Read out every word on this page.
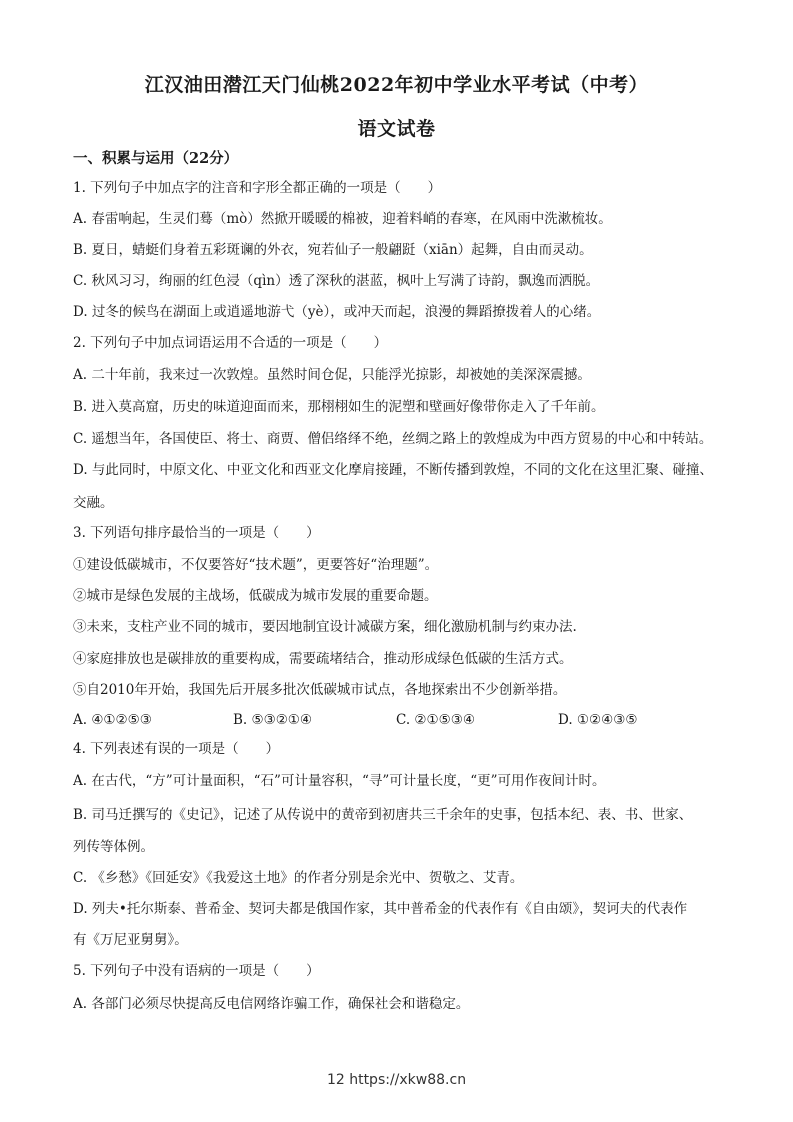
江汉油田潜江天门仙桃2022年初中学业水平考试（中考）
语文试卷
一、积累与运用（22分）
1. 下列句子中加点字的注音和字形全都正确的一项是（　　）
A. 春雷响起，生灵们蓦（mò）然掀开暖暖的棉被，迎着料峭的春寒，在风雨中洗漱梳妆。
B. 夏日，蜻蜓们身着五彩斑谰的外衣，宛若仙子一般翩跹（xiān）起舞，自由而灵动。
C. 秋风习习，绚丽的红色浸（qìn）透了深秋的湛蓝，枫叶上写满了诗韵，飘逸而洒脱。
D. 过冬的候鸟在湖面上或逍遥地游弋（yè），或冲天而起，浪漫的舞蹈撩拨着人的心绪。
2. 下列句子中加点词语运用不合适的一项是（　　）
A. 二十年前，我来过一次敦煌。虽然时间仓促，只能浮光掠影，却被她的美深深震撼。
B. 进入莫高窟，历史的味道迎面而来，那栩栩如生的泥塑和壁画好像带你走入了千年前。
C. 遥想当年，各国使臣、将士、商贾、僧侣络绎不绝，丝绸之路上的敦煌成为中西方贸易的中心和中转站。
D. 与此同时，中原文化、中亚文化和西亚文化摩肩接踵，不断传播到敦煌，不同的文化在这里汇聚、碰撞、
交融。
3. 下列语句排序最恰当的一项是（　　）
①建设低碳城市，不仅要答好“技术题”，更要答好“治理题”。
②城市是绿色发展的主战场，低碳成为城市发展的重要命题。
③未来，支柱产业不同的城市，要因地制宜设计减碳方案，细化激励机制与约束办法.
④家庭排放也是碳排放的重要构成，需要疏堵结合，推动形成绿色低碳的生活方式。
⑤自2010年开始，我国先后开展多批次低碳城市试点，各地探索出不少创新举措。
A. ④①②⑤③	B. ⑤③②①④	C. ②①⑤③④	D. ①②④③⑤
4. 下列表述有误的一项是（　　）
A. 在古代，“方”可计量面积，“石”可计量容积，“寻”可计量长度，“更”可用作夜间计时。
B. 司马迁撰写的《史记》，记述了从传说中的黄帝到初唐共三千余年的史事，包括本纪、表、书、世家、
列传等体例。
C. 《乡愁》《回延安》《我爱这土地》的作者分别是余光中、贺敬之、艾青。
D. 列夫•托尔斯泰、普希金、契诃夫都是俄国作家，其中普希金的代表作有《自由颂》，契诃夫的代表作
有《万尼亚舅舅》。
5. 下列句子中没有语病的一项是（　　）
A. 各部门必须尽快提高反电信网络诈骗工作，确保社会和谐稳定。
12 https://xkw88.cn
